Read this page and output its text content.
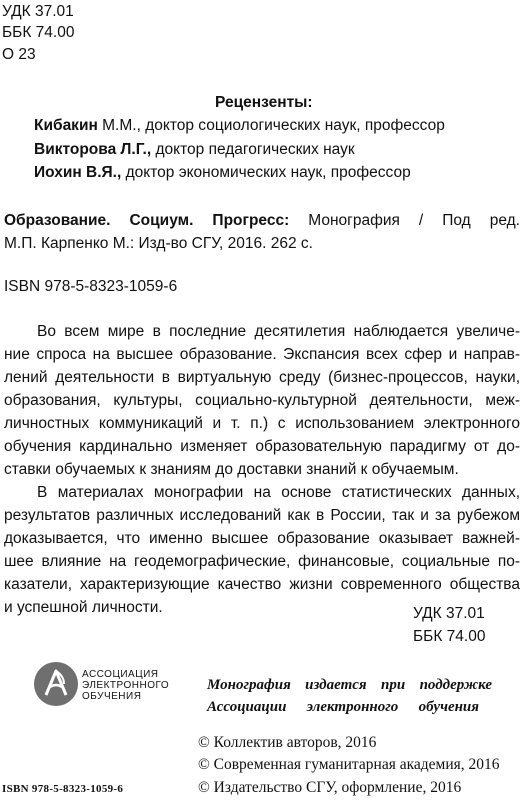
УДК 37.01
ББК 74.00
О 23
Рецензенты:
Кибакин М.М., доктор социологических наук, профессор
Викторова Л.Г., доктор педагогических наук
Иохин В.Я., доктор экономических наук, профессор
Образование. Социум. Прогресс: Монография / Под ред.
М.П. Карпенко М.: Изд-во СГУ, 2016. 262 с.
ISBN 978-5-8323-1059-6
Во всем мире в последние десятилетия наблюдается увеличе-
ние спроса на высшее образование. Экспансия всех сфер и направ-
лений деятельности в виртуальную среду (бизнес-процессов, науки,
образования, культуры, социально-культурной деятельности, меж-
личностных коммуникаций и т. п.) с использованием электронного
обучения кардинально изменяет образовательную парадигму от до-
ставки обучаемых к знаниям до доставки знаний к обучаемым.
В материалах монографии на основе статистических данных,
результатов различных исследований как в России, так и за рубежом
доказывается, что именно высшее образование оказывает важней-
шее влияние на геодемографические, финансовые, социальные по-
казатели, характеризующие качество жизни современного общества
и успешной личности.	УДК 37.01
ББК 74.00
АССОЦИАЦИЯ
ЭЛЕКТРОННОГО
ОБУЧЕНИЯ
Монография издается при поддержке
Ассоциации электронного обучения
© Коллектив авторов, 2016
© Современная гуманитарная академия, 2016
© Издательство СГУ, оформление, 2016
ISBN 978-5-8323-1059-6
